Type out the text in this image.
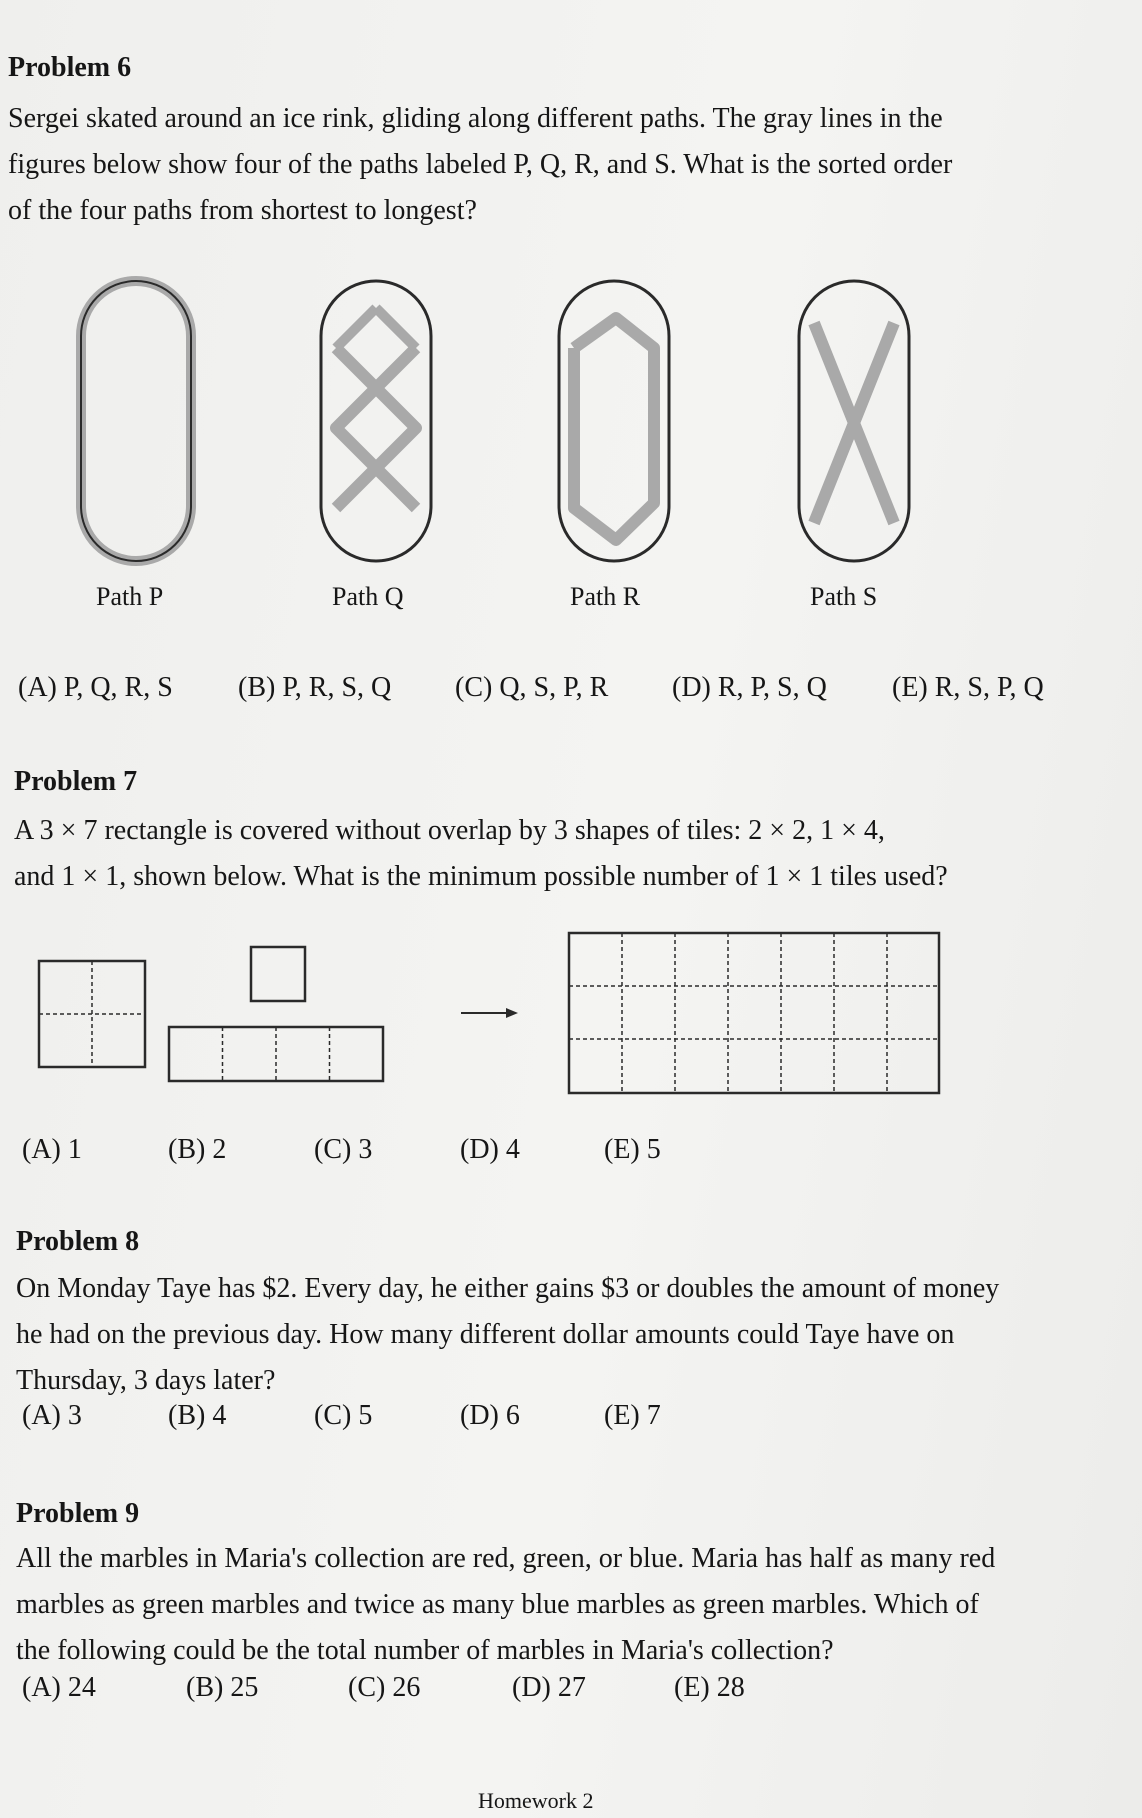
Problem 6
Sergei skated around an ice rink, gliding along different paths. The gray lines in the
figures below show four of the paths labeled P, Q, R, and S. What is the sorted order
of the four paths from shortest to longest?
Path P	Path Q	Path R	Path S
(A) P, Q, R, S (B) P, R, S, Q (C) Q, S, P, R (D) R, P, S, Q (E) R, S, P, Q
Problem 7
A 3 × 7 rectangle is covered without overlap by 3 shapes of tiles: 2 × 2, 1 × 4,
and 1 × 1, shown below. What is the minimum possible number of 1 × 1 tiles used?
(A) 1	(B) 2	(C) 3	(D) 4	(E) 5
Problem 8
On Monday Taye has $2. Every day, he either gains $3 or doubles the amount of money
he had on the previous day. How many different dollar amounts could Taye have on
Thursday, 3 days later?
(A) 3	(B) 4	(C) 5	(D) 6	(E) 7
Problem 9
All the marbles in Maria's collection are red, green, or blue. Maria has half as many red
marbles as green marbles and twice as many blue marbles as green marbles. Which of
the following could be the total number of marbles in Maria's collection?
(A) 24	(B) 25	(C) 26	(D) 27	(E) 28
Homework 2
